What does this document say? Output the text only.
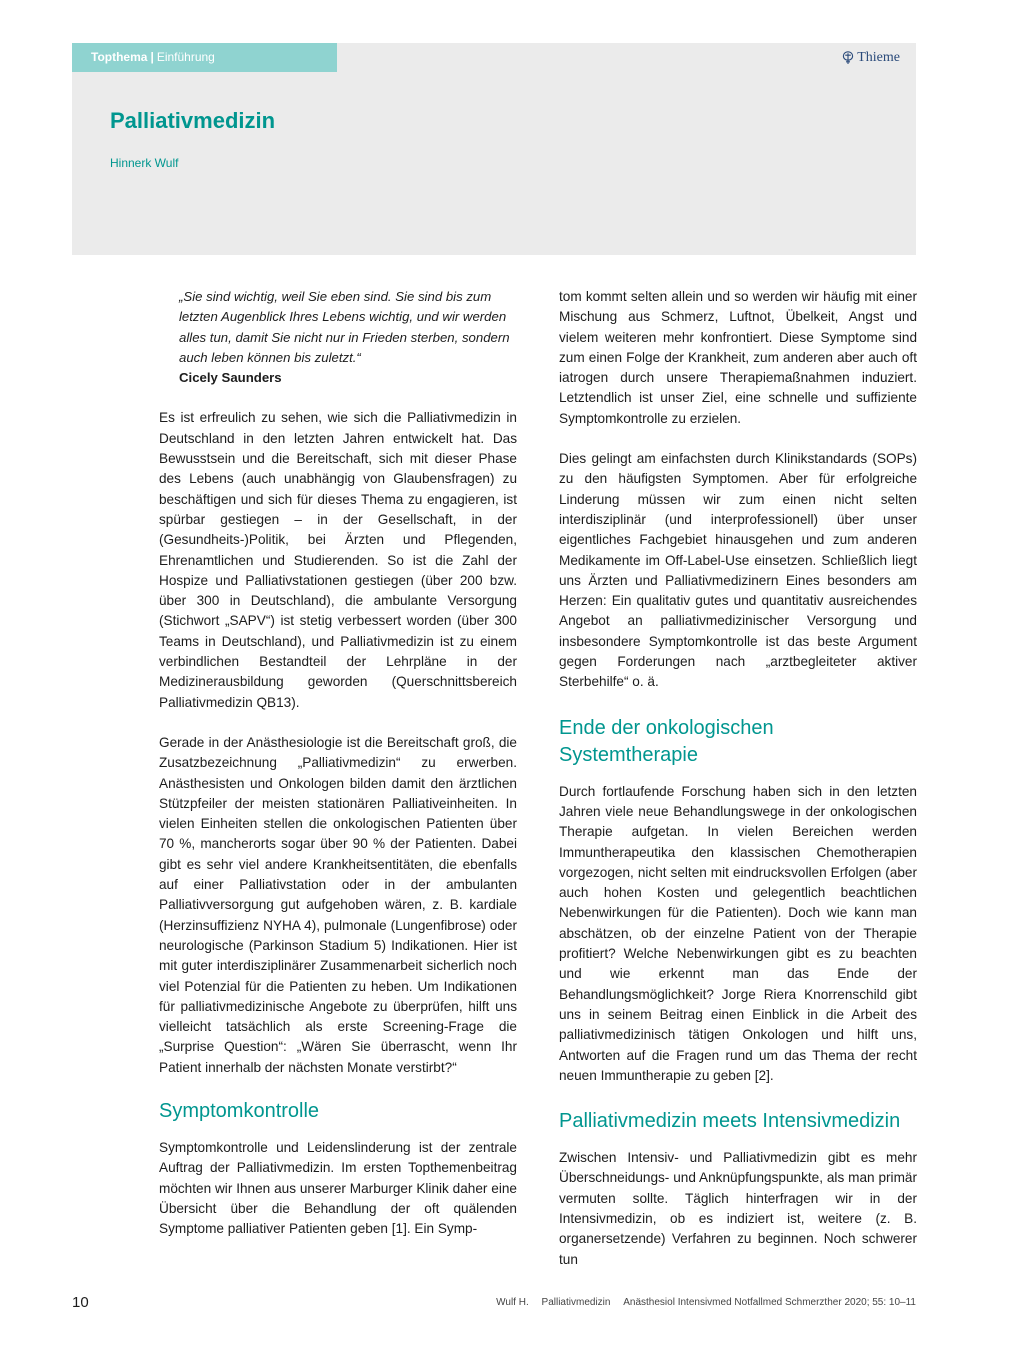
Topthema | Einführung	Thieme
Palliativmedizin

Hinnerk Wulf

„Sie sind wichtig, weil Sie eben sind. Sie sind bis zum letzten Augenblick Ihres Lebens wichtig, und wir werden alles tun, damit Sie nicht nur in Frieden sterben, sondern auch leben können bis zuletzt.“
Cicely Saunders

Es ist erfreulich zu sehen, wie sich die Palliativmedizin in Deutschland in den letzten Jahren entwickelt hat. Das Bewusstsein und die Bereitschaft, sich mit dieser Phase des Lebens (auch unabhängig von Glaubensfragen) zu beschäftigen und sich für dieses Thema zu engagieren, ist spürbar gestiegen – in der Gesellschaft, in der (Gesundheits-)Politik, bei Ärzten und Pflegenden, Ehrenamtlichen und Studierenden. So ist die Zahl der Hospize und Palliativstationen gestiegen (über 200 bzw. über 300 in Deutschland), die ambulante Versorgung (Stichwort „SAPV“) ist stetig verbessert worden (über 300 Teams in Deutschland), und Palliativmedizin ist zu einem verbindlichen Bestandteil der Lehrpläne in der Medizinerausbildung geworden (Querschnittsbereich Palliativmedizin QB13).

Gerade in der Anästhesiologie ist die Bereitschaft groß, die Zusatzbezeichnung „Palliativmedizin“ zu erwerben. Anästhesisten und Onkologen bilden damit den ärztlichen Stützpfeiler der meisten stationären Palliativeinheiten. In vielen Einheiten stellen die onkologischen Patienten über 70 %, mancherorts sogar über 90 % der Patienten. Dabei gibt es sehr viel andere Krankheitsentitäten, die ebenfalls auf einer Palliativstation oder in der ambulanten Palliativversorgung gut aufgehoben wären, z. B. kardiale (Herzinsuffizienz NYHA 4), pulmonale (Lungenfibrose) oder neurologische (Parkinson Stadium 5) Indikationen. Hier ist mit guter interdisziplinärer Zusammenarbeit sicherlich noch viel Potenzial für die Patienten zu heben. Um Indikationen für palliativmedizinische Angebote zu überprüfen, hilft uns vielleicht tatsächlich als erste Screening-Frage die „Surprise Question“: „Wären Sie überrascht, wenn Ihr Patient innerhalb der nächsten Monate verstirbt?“

Symptomkontrolle

Symptomkontrolle und Leidenslinderung ist der zentrale Auftrag der Palliativmedizin. Im ersten Topthemenbeitrag möchten wir Ihnen aus unserer Marburger Klinik daher eine Übersicht über die Behandlung der oft quälenden Symptome palliativer Patienten geben [1]. Ein Symp-

tom kommt selten allein und so werden wir häufig mit einer Mischung aus Schmerz, Luftnot, Übelkeit, Angst und vielem weiteren mehr konfrontiert. Diese Symptome sind zum einen Folge der Krankheit, zum anderen aber auch oft iatrogen durch unsere Therapiemaßnahmen induziert. Letztendlich ist unser Ziel, eine schnelle und suffiziente Symptomkontrolle zu erzielen.

Dies gelingt am einfachsten durch Klinikstandards (SOPs) zu den häufigsten Symptomen. Aber für erfolgreiche Linderung müssen wir zum einen nicht selten interdisziplinär (und interprofessionell) über unser eigentliches Fachgebiet hinausgehen und zum anderen Medikamente im Off-Label-Use einsetzen. Schließlich liegt uns Ärzten und Palliativmedizinern Eines besonders am Herzen: Ein qualitativ gutes und quantitativ ausreichendes Angebot an palliativmedizinischer Versorgung und insbesondere Symptomkontrolle ist das beste Argument gegen Forderungen nach „arztbegleiteter aktiver Sterbehilfe“ o. ä.

Ende der onkologischen Systemtherapie

Durch fortlaufende Forschung haben sich in den letzten Jahren viele neue Behandlungswege in der onkologischen Therapie aufgetan. In vielen Bereichen werden Immuntherapeutika den klassischen Chemotherapien vorgezogen, nicht selten mit eindrucksvollen Erfolgen (aber auch hohen Kosten und gelegentlich beachtlichen Nebenwirkungen für die Patienten). Doch wie kann man abschätzen, ob der einzelne Patient von der Therapie profitiert? Welche Nebenwirkungen gibt es zu beachten und wie erkennt man das Ende der Behandlungsmöglichkeit? Jorge Riera Knorrenschild gibt uns in seinem Beitrag einen Einblick in die Arbeit des palliativmedizinisch tätigen Onkologen und hilft uns, Antworten auf die Fragen rund um das Thema der recht neuen Immuntherapie zu geben [2].

Palliativmedizin meets Intensivmedizin

Zwischen Intensiv- und Palliativmedizin gibt es mehr Überschneidungs- und Anknüpfungspunkte, als man primär vermuten sollte. Täglich hinterfragen wir in der Intensivmedizin, ob es indiziert ist, weitere (z. B. organersetzende) Verfahren zu beginnen. Noch schwerer tun

10	Wulf H. Palliativmedizin Anästhesiol Intensivmed Notfallmed Schmerzther 2020; 55: 10–11
